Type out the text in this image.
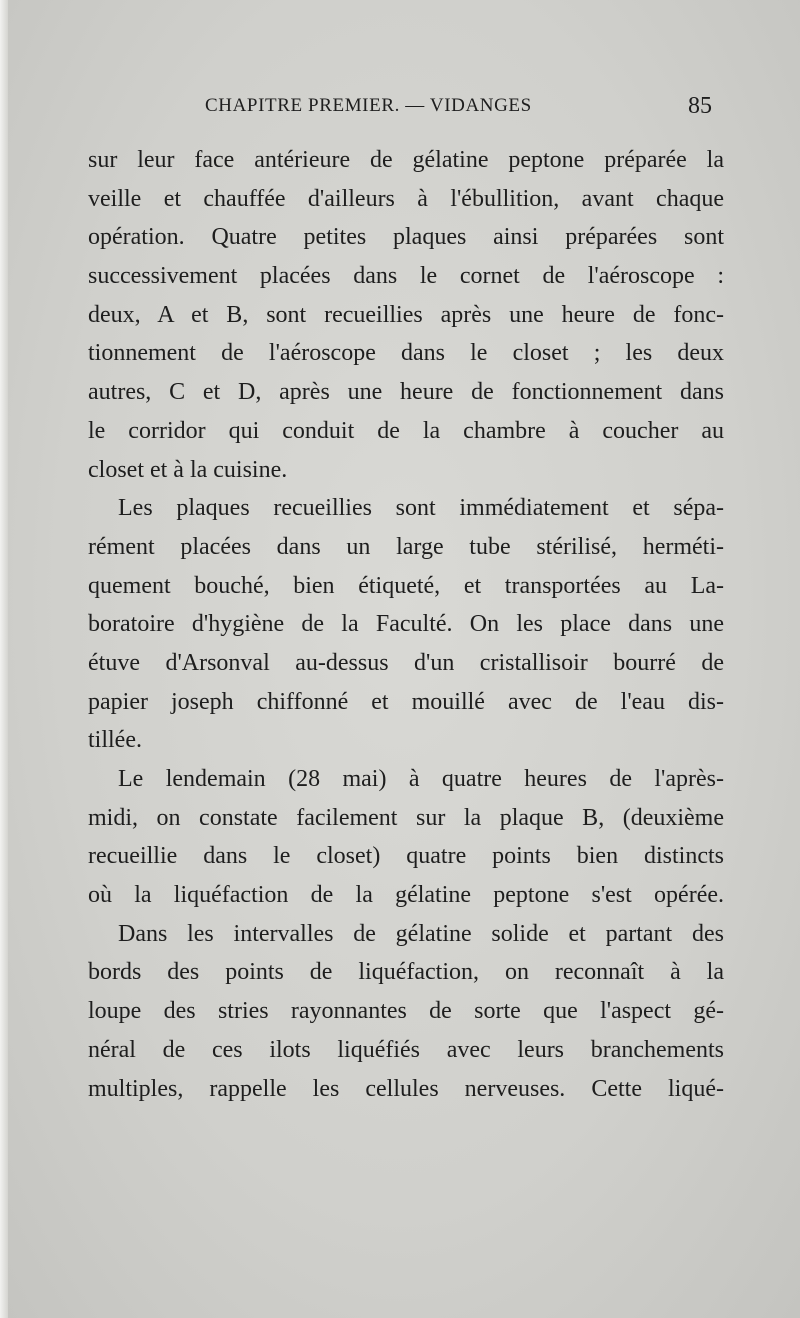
CHAPITRE PREMIER. — VIDANGES	85
sur leur face antérieure de gélatine peptone préparée la
veille et chauffée d'ailleurs à l'ébullition, avant chaque
opération. Quatre petites plaques ainsi préparées sont
successivement placées dans le cornet de l'aéroscope :
deux, A et B, sont recueillies après une heure de fonc-
tionnement de l'aéroscope dans le closet ; les deux
autres, C et D, après une heure de fonctionnement dans
le corridor qui conduit de la chambre à coucher au
closet et à la cuisine.
Les plaques recueillies sont immédiatement et sépa-
rément placées dans un large tube stérilisé, herméti-
quement bouché, bien étiqueté, et transportées au La-
boratoire d'hygiène de la Faculté. On les place dans une
étuve d'Arsonval au-dessus d'un cristallisoir bourré de
papier joseph chiffonné et mouillé avec de l'eau dis-
tillée.
Le lendemain (28 mai) à quatre heures de l'après-
midi, on constate facilement sur la plaque B, (deuxième
recueillie dans le closet) quatre points bien distincts
où la liquéfaction de la gélatine peptone s'est opérée.
Dans les intervalles de gélatine solide et partant des
bords des points de liquéfaction, on reconnaît à la
loupe des stries rayonnantes de sorte que l'aspect gé-
néral de ces ilots liquéfiés avec leurs branchements
multiples, rappelle les cellules nerveuses. Cette liqué-
